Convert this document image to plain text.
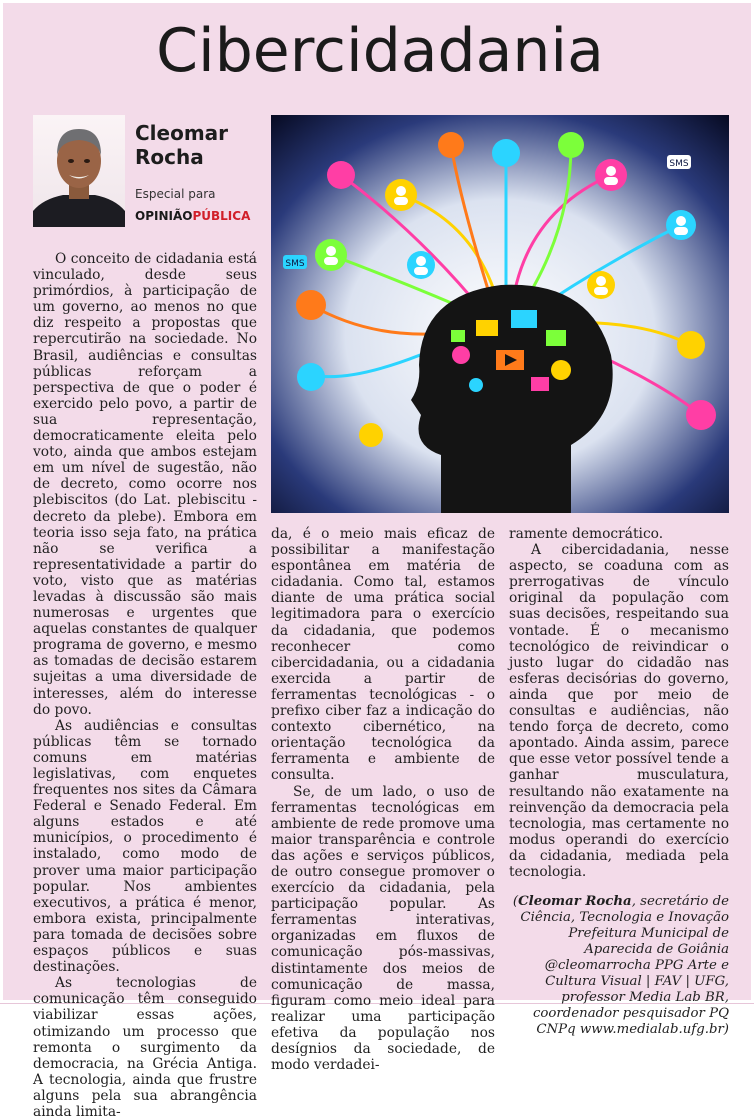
Cibercidadania
Cleomar
Rocha
Especial para
OPINIÃOPÚBLICA
SMS
SMS

O conceito de cidadania está vinculado, desde seus primórdios, à participação de um governo, ao menos no que diz respeito a propostas que repercutirão na sociedade. No Brasil, audiências e consultas públicas reforçam a perspectiva de que o poder é exercido pelo povo, a partir de sua representação, democraticamente eleita pelo voto, ainda que ambos estejam em um nível de sugestão, não de decreto, como ocorre nos plebiscitos (do Lat. plebiscitu - decreto da plebe). Embora em teoria isso seja fato, na prática não se verifica a representatividade a partir do voto, visto que as matérias levadas à discussão são mais numerosas e urgentes que aquelas constantes de qualquer programa de governo, e mesmo as tomadas de decisão estarem sujeitas a uma diversidade de interesses, além do interesse do povo.

As audiências e consultas públicas têm se tornado comuns em matérias legislativas, com enquetes frequentes nos sites da Câmara Federal e Senado Federal. Em alguns estados e até municípios, o procedimento é instalado, como modo de prover uma maior participação popular. Nos ambientes executivos, a prática é menor, embora exista, principalmente para tomada de decisões sobre espaços públicos e suas destinações.

As tecnologias de comunicação têm conseguido viabilizar essas ações, otimizando um processo que remonta o surgimento da democracia, na Grécia Antiga. A tecnologia, ainda que frustre alguns pela sua abrangência ainda limita-

da, é o meio mais eficaz de possibilitar a manifestação espontânea em matéria de cidadania. Como tal, estamos diante de uma prática social legitimadora para o exercício da cidadania, que podemos reconhecer como cibercidadania, ou a cidadania exercida a partir de ferramentas tecnológicas - o prefixo ciber faz a indicação do contexto cibernético, na orientação tecnológica da ferramenta e ambiente de consulta.

Se, de um lado, o uso de ferramentas tecnológicas em ambiente de rede promove uma maior transparência e controle das ações e serviços públicos, de outro consegue promover o exercício da cidadania, pela participação popular. As ferramentas interativas, organizadas em fluxos de comunicação pós-massivas, distintamente dos meios de comunicação de massa, figuram como meio ideal para realizar uma participação efetiva da população nos desígnios da sociedade, de modo verdadei-

ramente democrático.

A cibercidadania, nesse aspecto, se coaduna com as prerrogativas de vínculo original da população com suas decisões, respeitando sua vontade. É o mecanismo tecnológico de reivindicar o justo lugar do cidadão nas esferas decisórias do governo, ainda que por meio de consultas e audiências, não tendo força de decreto, como apontado. Ainda assim, parece que esse vetor possível tende a ganhar musculatura, resultando não exatamente na reinvenção da democracia pela tecnologia, mas certamente no modus operandi do exercício da cidadania, mediada pela tecnologia.

(Cleomar Rocha, secretário de Ciência, Tecnologia e Inovação Prefeitura Municipal de Aparecida de Goiânia @cleomarrocha PPG Arte e Cultura Visual | FAV | UFG, professor Media Lab BR, coordenador pesquisador PQ CNPq www.medialab.ufg.br)
